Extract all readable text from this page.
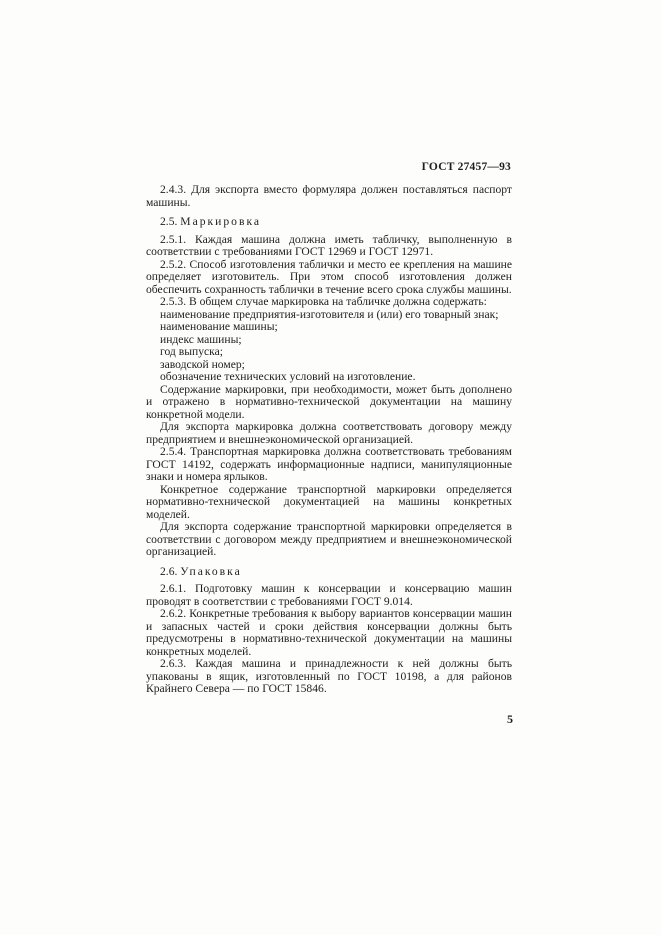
ГОСТ 27457—93

2.4.3. Для экспорта вместо формуляра должен поставляться паспорт машины.

2.5. Маркировка

2.5.1. Каждая машина должна иметь табличку, выполненную в соответствии с требованиями ГОСТ 12969 и ГОСТ 12971.

2.5.2. Способ изготовления таблички и место ее крепления на машине определяет изготовитель. При этом способ изготовления должен обеспечить сохранность таблички в течение всего срока службы машины.

2.5.3. В общем случае маркировка на табличке должна содержать:

наименование предприятия-изготовителя и (или) его товарный знак;

наименование машины;

индекс машины;

год выпуска;

заводской номер;

обозначение технических условий на изготовление.

Содержание маркировки, при необходимости, может быть дополнено и отражено в нормативно-технической документации на машину конкретной модели.

Для экспорта маркировка должна соответствовать договору между предприятием и внешнеэкономической организацией.

2.5.4. Транспортная маркировка должна соответствовать требованиям ГОСТ 14192, содержать информационные надписи, манипуляционные знаки и номера ярлыков.

Конкретное содержание транспортной маркировки определяется нормативно-технической документацией на машины конкретных моделей.

Для экспорта содержание транспортной маркировки определяется в соответствии с договором между предприятием и внешнеэкономической организацией.

2.6. Упаковка

2.6.1. Подготовку машин к консервации и консервацию машин проводят в соответствии с требованиями ГОСТ 9.014.

2.6.2. Конкретные требования к выбору вариантов консервации машин и запасных частей и сроки действия консервации должны быть предусмотрены в нормативно-технической документации на машины конкретных моделей.

2.6.3. Каждая машина и принадлежности к ней должны быть упакованы в ящик, изготовленный по ГОСТ 10198, а для районов Крайнего Севера — по ГОСТ 15846.

5
